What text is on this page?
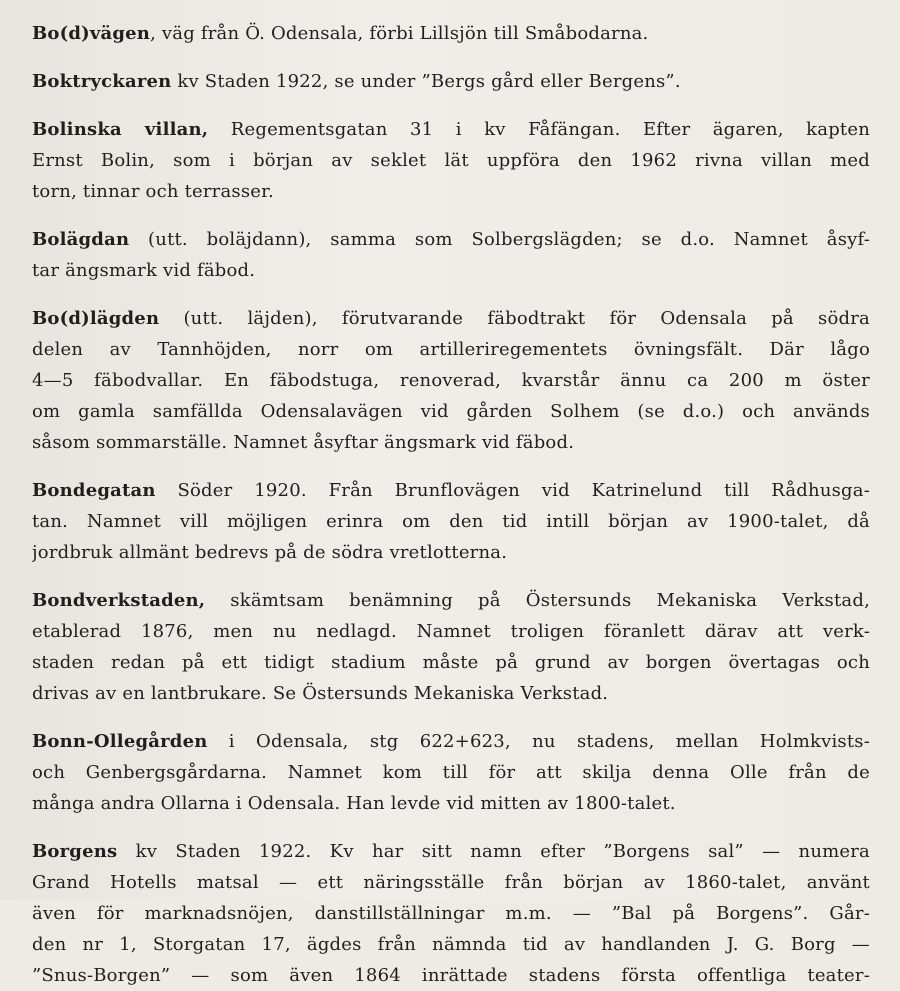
Bo(d)vägen, väg från Ö. Odensala, förbi Lillsjön till Småbodarna.
Boktryckaren kv Staden 1922, se under ”Bergs gård eller Bergens”.
Bolinska villan, Regementsgatan 31 i kv Fåfängan. Efter ägaren, kapten
Ernst Bolin, som i början av seklet lät uppföra den 1962 rivna villan med
torn, tinnar och terrasser.
Bolägdan (utt. boläjdann), samma som Solbergslägden; se d.o. Namnet åsyf-
tar ängsmark vid fäbod.
Bo(d)lägden (utt. läjden), förutvarande fäbodtrakt för Odensala på södra
delen av Tannhöjden, norr om artilleriregementets övningsfält. Där lågo
4—5 fäbodvallar. En fäbodstuga, renoverad, kvarstår ännu ca 200 m öster
om gamla samfällda Odensalavägen vid gården Solhem (se d.o.) och används
såsom sommarställe. Namnet åsyftar ängsmark vid fäbod.
Bondegatan Söder 1920. Från Brunflovägen vid Katrinelund till Rådhusga-
tan. Namnet vill möjligen erinra om den tid intill början av 1900-talet, då
jordbruk allmänt bedrevs på de södra vretlotterna.
Bondverkstaden, skämtsam benämning på Östersunds Mekaniska Verkstad,
etablerad 1876, men nu nedlagd. Namnet troligen föranlett därav att verk-
staden redan på ett tidigt stadium måste på grund av borgen övertagas och
drivas av en lantbrukare. Se Östersunds Mekaniska Verkstad.
Bonn-Ollegården i Odensala, stg 622+623, nu stadens, mellan Holmkvists-
och Genbergsgårdarna. Namnet kom till för att skilja denna Olle från de
många andra Ollarna i Odensala. Han levde vid mitten av 1800-talet.
Borgens kv Staden 1922. Kv har sitt namn efter ”Borgens sal” — numera
Grand Hotells matsal — ett näringsställe från början av 1860-talet, använt
även för marknadsnöjen, danstillställningar m.m. — ”Bal på Borgens”. Går-
den nr 1, Storgatan 17, ägdes från nämnda tid av handlanden J. G. Borg —
”Snus-Borgen” — som även 1864 inrättade stadens första offentliga teater-
